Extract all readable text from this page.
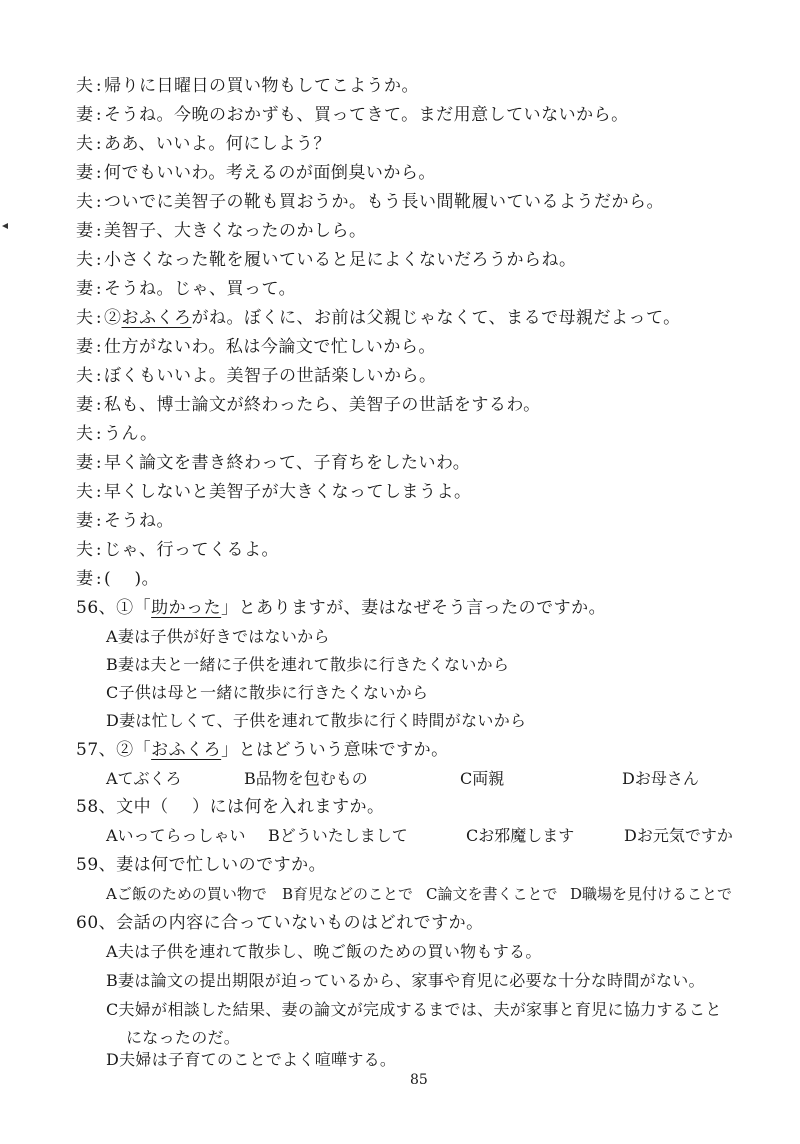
夫 : 帰りに日曜日の買い物もしてこようか。
妻 : そうね。今晩のおかずも、買ってきて。まだ用意していないから。
夫 : ああ、いいよ。何にしよう？
妻 : 何でもいいわ。考えるのが面倒臭いから。
夫 : ついでに美智子の靴も買おうか。もう長い間靴履いているようだから。
妻 : 美智子、大きくなったのかしら。
夫 : 小さくなった靴を履いていると足によくないだろうからね。
妻 : そうね。じゃ、買って。
夫 : ②おふくろがね。ぼくに、お前は父親じゃなくて、まるで母親だよって。
妻 : 仕方がないわ。私は今論文で忙しいから。
夫 : ぼくもいいよ。美智子の世話楽しいから。
妻 : 私も、博士論文が終わったら、美智子の世話をするわ。
夫 : うん。
妻 : 早く論文を書き終わって、子育ちをしたいわ。
夫 : 早くしないと美智子が大きくなってしまうよ。
妻 : そうね。
夫 : じゃ、行ってくるよ。
妻 : (　 )。
56、①「助かった」とありますが、妻はなぜそう言ったのですか。
A妻は子供が好きではないから
B妻は夫と一緒に子供を連れて散歩に行きたくないから
C子供は母と一緒に散歩に行きたくないから
D妻は忙しくて、子供を連れて散歩に行く時間がないから
57、②「おふくろ」とはどういう意味ですか。
Aてぶくろ	B品物を包むもの	C両親	Dお母さん
58、文中（　 ）には何を入れますか。
Aいってらっしゃい Bどういたしまして	Cお邪魔します	Dお元気ですか
59、妻は何で忙しいのですか。
Aご飯のための買い物で B育児などのことで C論文を書くことで D職場を見付けることで
60、会話の内容に合っていないものはどれですか。
A夫は子供を連れて散歩し、晩ご飯のための買い物もする。
B妻は論文の提出期限が迫っているから、家事や育児に必要な十分な時間がない。
C夫婦が相談した結果、妻の論文が完成するまでは、夫が家事と育児に協力すること
になったのだ。
D夫婦は子育てのことでよく喧嘩する。
85
